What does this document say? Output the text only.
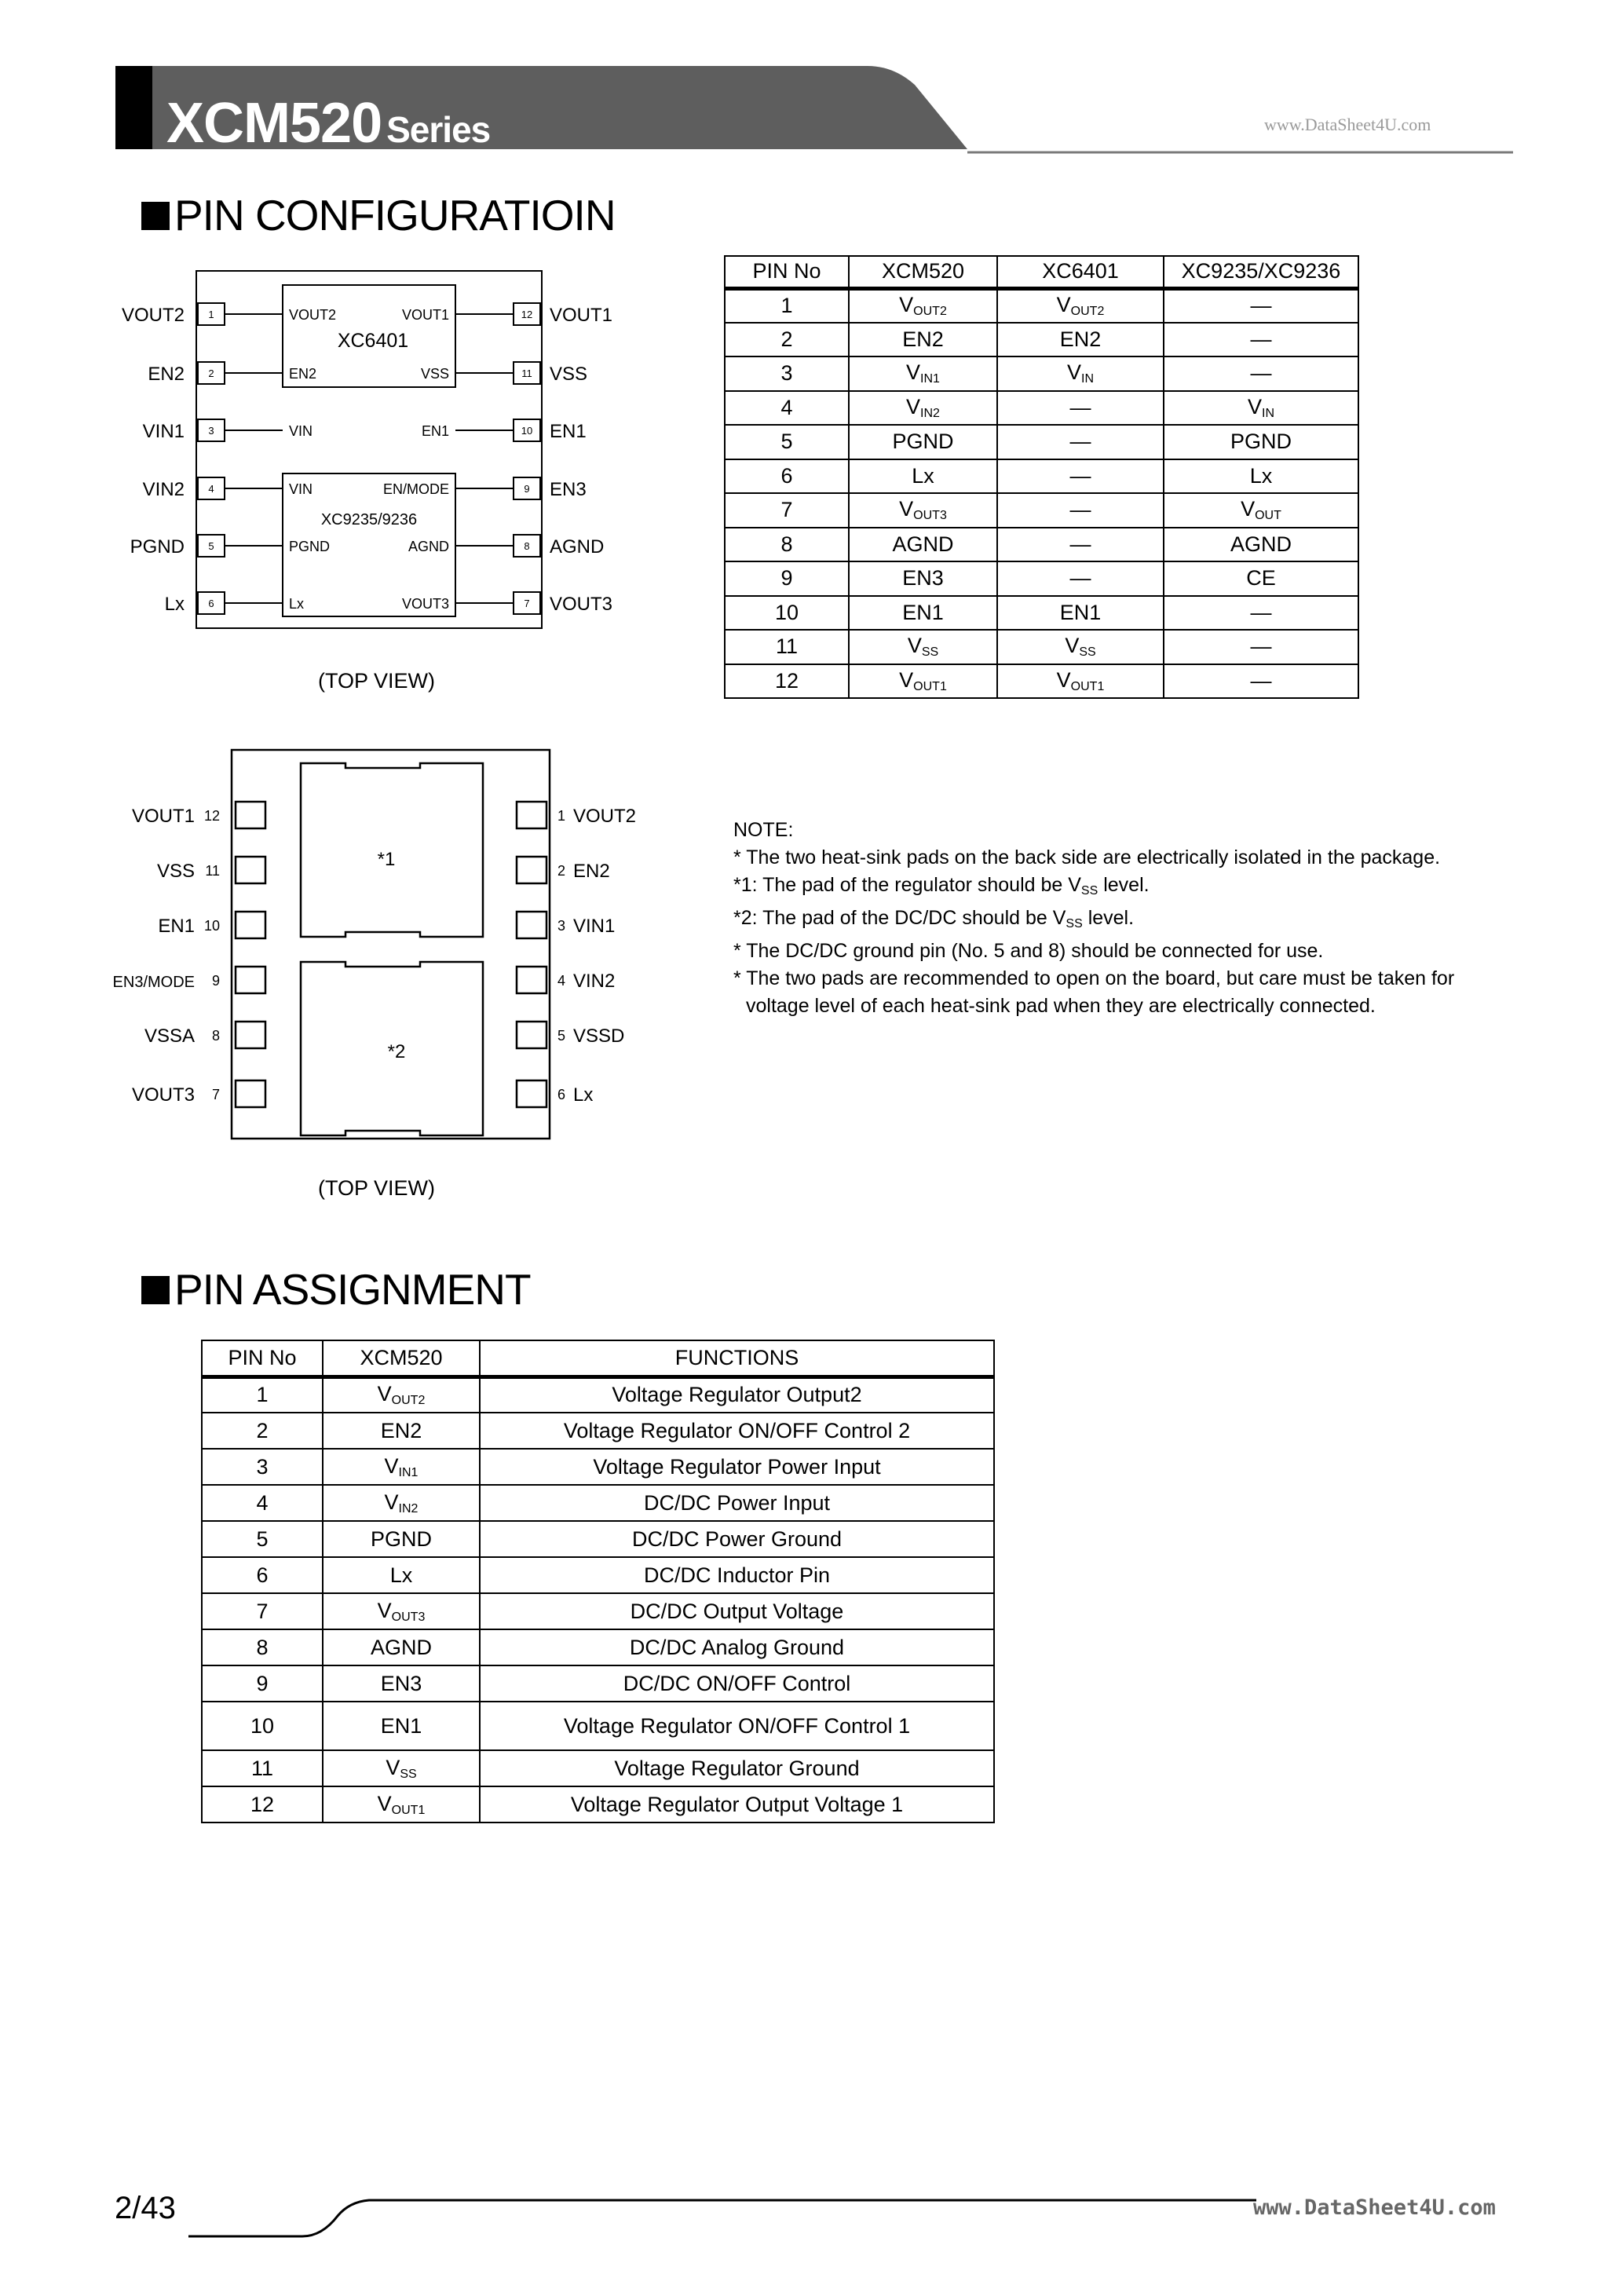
XCM520 Series	www.DataSheet4U.com
PIN CONFIGURATIOIN
XC6401
XC9235/9236
1
VOUT2	VOUT2
2
EN2	EN2
3
VIN1	VIN
4
VIN2	VIN
5
PGND	PGND
6
Lx	Lx
12 VOUT1
VOUT1
11 VSS
VSS
10 EN1
EN1
9 EN3
EN/MODE
8 AGND
AGND
7 VOUT3
VOUT3
(TOP VIEW)
*1
*2
12
VOUT1
11
VSS
10
EN1
9
EN3/MODE
8
VSSA
7
VOUT3
1 VOUT2
2 EN2
3 VIN1
4 VIN2
5 VSSD
6 Lx
(TOP VIEW)
PIN No	XCM520	XC6401	XC9235/XC9236
1	$V_{OUT2}$	$V_{OUT2}$	—
2	EN2	EN2	—
3	$V_{IN1}$	$V_{IN}$	—
4	$V_{IN2}$	—	$V_{IN}$
5	PGND	—	PGND
6	Lx	—	Lx
7	$V_{OUT3}$	—	$V_{OUT}$
8	AGND	—	AGND
9	EN3	—	CE
10	EN1	EN1	—
11	$V_{SS}$	$V_{SS}$	—
12	$V_{OUT1}$	$V_{OUT1}$	—

NOTE:

* The two heat-sink pads on the back side are electrically isolated in the package.

*1: The pad of the regulator should be $V_{SS}$ level.

*2: The pad of the DC/DC should be $V_{SS}$ level.

* The DC/DC ground pin (No. 5 and 8) should be connected for use.

* The two pads are recommended to open on the board, but care must be taken for

voltage level of each heat-sink pad when they are electrically connected.

PIN ASSIGNMENT
PIN No	XCM520	FUNCTIONS
1	$V_{OUT2}$	Voltage Regulator Output2
2	EN2	Voltage Regulator ON/OFF Control 2
3	$V_{IN1}$	Voltage Regulator Power Input
4	$V_{IN2}$	DC/DC Power Input
5	PGND	DC/DC Power Ground
6	Lx	DC/DC Inductor Pin
7	$V_{OUT3}$	DC/DC Output Voltage
8	AGND	DC/DC Analog Ground
9	EN3	DC/DC ON/OFF Control
10	EN1	Voltage Regulator ON/OFF Control 1
11	$V_{SS}$	Voltage Regulator Ground
12	$V_{OUT1}$	Voltage Regulator Output Voltage 1
2/43	www.DataSheet4U.com
